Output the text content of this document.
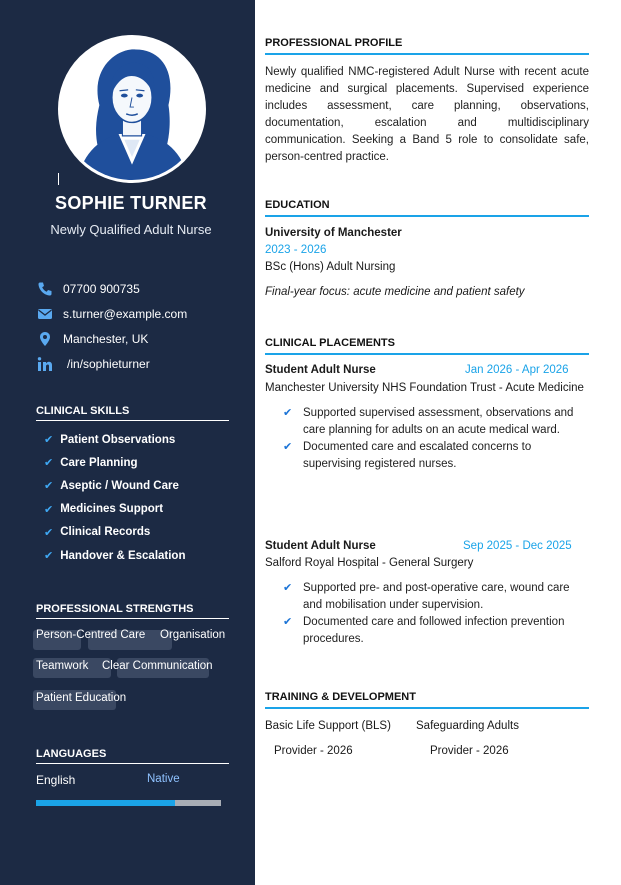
SOPHIE TURNER
Newly Qualified Adult Nurse
07700 900735
s.turner@example.com
Manchester, UK
/in/sophieturner
CLINICAL SKILLS
✔ Patient Observations
✔ Care Planning
✔ Aseptic / Wound Care
✔ Medicines Support
✔ Clinical Records
✔ Handover & Escalation
PROFESSIONAL STRENGTHS
Person-Centred Care Organisation
Teamwork Clear Communication
Patient Education
LANGUAGES
English	Native
PROFESSIONAL PROFILE
Newly qualified NMC-registered Adult Nurse with recent acute medicine and surgical placements. Supervised experience includes assessment, care planning, observations, documentation, escalation and multidisciplinary communication. Seeking a Band 5 role to consolidate safe, person-centred practice.
EDUCATION
University of Manchester
2023 - 2026
BSc (Hons) Adult Nursing
Final-year focus: acute medicine and patient safety
CLINICAL PLACEMENTS
Student Adult Nurse	Jan 2026 - Apr 2026
Manchester University NHS Foundation Trust - Acute Medicine
✔ Supported supervised assessment, observations and care planning for adults on an acute medical ward.
✔ Documented care and escalated concerns to supervising registered nurses.
Student Adult Nurse	Sep 2025 - Dec 2025
Salford Royal Hospital - General Surgery
✔ Supported pre- and post-operative care, wound care and mobilisation under supervision.
✔ Documented care and followed infection prevention procedures.
TRAINING & DEVELOPMENT
Basic Life Support (BLS)
Provider - 2026
Safeguarding Adults
Provider - 2026
